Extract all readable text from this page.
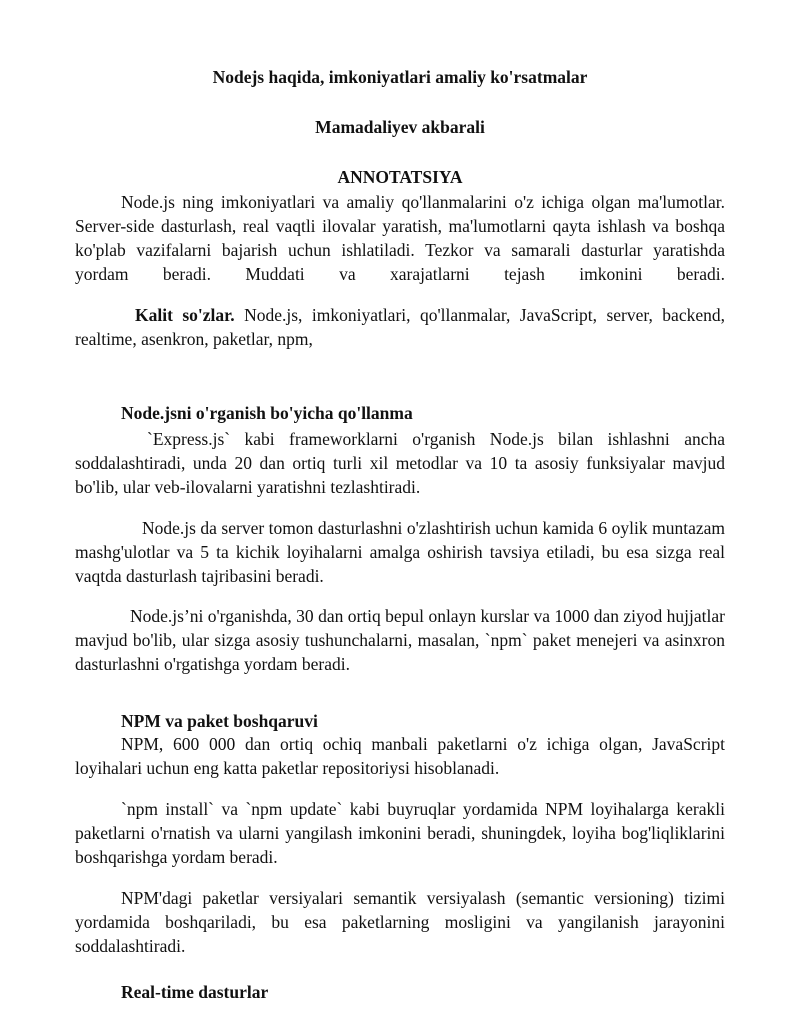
Nodejs haqida, imkoniyatlari amaliy ko'rsatmalar

Mamadaliyev akbarali

ANNOTATSIYA

Node.js ning imkoniyatlari va amaliy qo'llanmalarini o'z ichiga olgan ma'lumotlar. Server-side dasturlash, real vaqtli ilovalar yaratish, ma'lumotlarni qayta ishlash va boshqa ko'plab vazifalarni bajarish uchun ishlatiladi. Tezkor va samarali dasturlar yaratishda yordam beradi. Muddati va xarajatlarni tejash imkonini beradi.

Kalit so'zlar. Node.js, imkoniyatlari, qo'llanmalar, JavaScript, server, backend, realtime, asenkron, paketlar, npm,

Node.jsni o'rganish bo'yicha qo'llanma

`Express.js` kabi frameworklarni o'rganish Node.js bilan ishlashni ancha soddalashtiradi, unda 20 dan ortiq turli xil metodlar va 10 ta asosiy funksiyalar mavjud bo'lib, ular veb-ilovalarni yaratishni tezlashtiradi.

Node.js da server tomon dasturlashni o'zlashtirish uchun kamida 6 oylik muntazam mashg'ulotlar va 5 ta kichik loyihalarni amalga oshirish tavsiya etiladi, bu esa sizga real vaqtda dasturlash tajribasini beradi.

Node.js’ni o'rganishda, 30 dan ortiq bepul onlayn kurslar va 1000 dan ziyod hujjatlar mavjud bo'lib, ular sizga asosiy tushunchalarni, masalan, `npm` paket menejeri va asinxron dasturlashni o'rgatishga yordam beradi.

NPM va paket boshqaruvi

NPM, 600 000 dan ortiq ochiq manbali paketlarni o'z ichiga olgan, JavaScript loyihalari uchun eng katta paketlar repositoriysi hisoblanadi.

`npm install` va `npm update` kabi buyruqlar yordamida NPM loyihalarga kerakli paketlarni o'rnatish va ularni yangilash imkonini beradi, shuningdek, loyiha bog'liqliklarini boshqarishga yordam beradi.

NPM'dagi paketlar versiyalari semantik versiyalash (semantic versioning) tizimi yordamida boshqariladi, bu esa paketlarning mosligini va yangilanish jarayonini soddalashtiradi.

Real-time dasturlar
